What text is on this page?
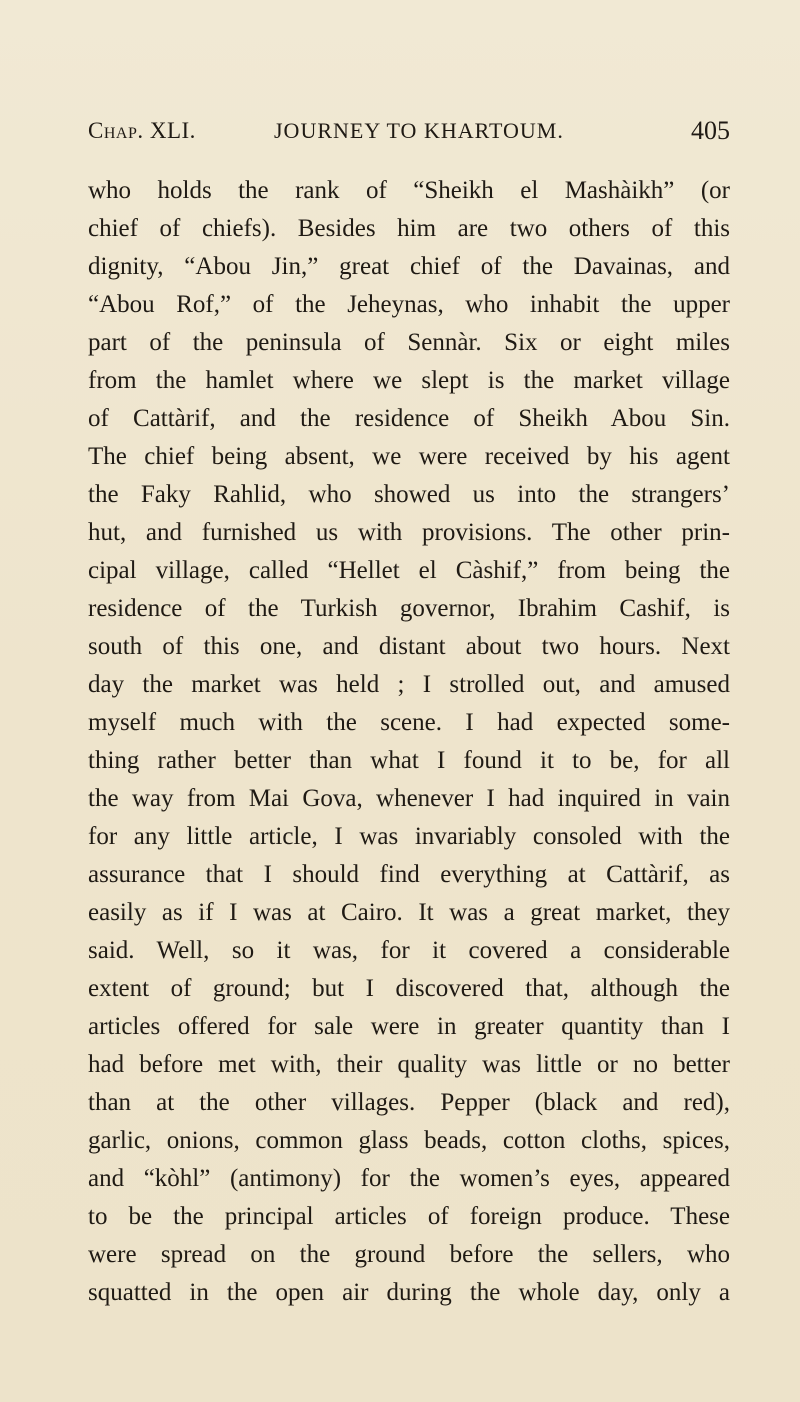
Chap. XLI.	JOURNEY TO KHARTOUM.	405
who holds the rank of “Sheikh el Mashàikh” (or
chief of chiefs). Besides him are two others of this
dignity, “Abou Jin,” great chief of the Davainas, and
“Abou Rof,” of the Jeheynas, who inhabit the upper
part of the peninsula of Sennàr. Six or eight miles
from the hamlet where we slept is the market village
of Cattàrif, and the residence of Sheikh Abou Sin.
The chief being absent, we were received by his agent
the Faky Rahlid, who showed us into the strangers’
hut, and furnished us with provisions. The other prin-
cipal village, called “Hellet el Càshif,” from being the
residence of the Turkish governor, Ibrahim Cashif, is
south of this one, and distant about two hours. Next
day the market was held ; I strolled out, and amused
myself much with the scene. I had expected some-
thing rather better than what I found it to be, for all
the way from Mai Gova, whenever I had inquired in vain
for any little article, I was invariably consoled with the
assurance that I should find everything at Cattàrif, as
easily as if I was at Cairo. It was a great market, they
said. Well, so it was, for it covered a considerable
extent of ground; but I discovered that, although the
articles offered for sale were in greater quantity than I
had before met with, their quality was little or no better
than at the other villages. Pepper (black and red),
garlic, onions, common glass beads, cotton cloths, spices,
and “kòhl” (antimony) for the women’s eyes, appeared
to be the principal articles of foreign produce. These
were spread on the ground before the sellers, who
squatted in the open air during the whole day, only a
